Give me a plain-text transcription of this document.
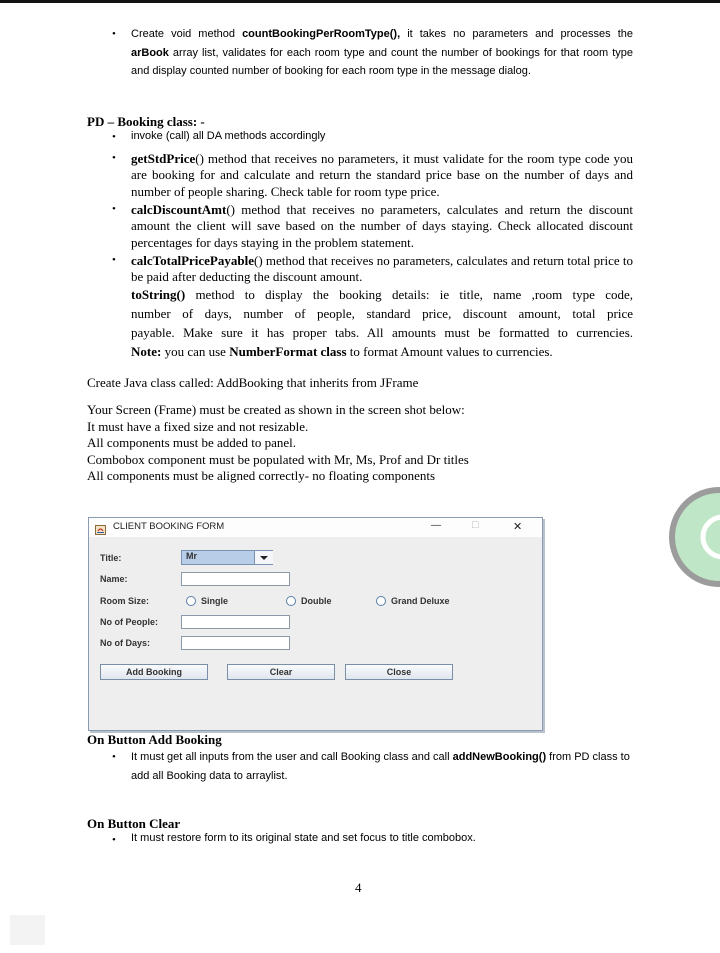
• Create void method countBookingPerRoomType(), it takes no parameters and processes the arBook array list, validates for each room type and count the number of bookings for that room type and display counted number of booking for each room type in the message dialog.
PD – Booking class: -
• invoke (call) all DA methods accordingly
• getStdPrice() method that receives no parameters, it must validate for the room type code you are booking for and calculate and return the standard price base on the number of days and number of people sharing. Check table for room type price.
• calcDiscountAmt() method that receives no parameters, calculates and return the discount amount the client will save based on the number of days staying. Check allocated discount percentages for days staying in the problem statement.
• calcTotalPricePayable() method that receives no parameters, calculates and return total price to be paid after deducting the discount amount.
toString() method to display the booking details: ie title, name ,room type code,
number of days, number of people, standard price, discount amount, total price
payable. Make sure it has proper tabs. All amounts must be formatted to currencies.
Note: you can use NumberFormat class to format Amount values to currencies.
Create Java class called: AddBooking that inherits from JFrame
Your Screen (Frame) must be created as shown in the screen shot below:
It must have a fixed size and not resizable.
All components must be added to panel.
Combobox component must be populated with Mr, Ms, Prof and Dr titles
All components must be aligned correctly- no floating components
CLIENT BOOKING FORM	—	□	✕
Title:	Mr
Name:
Room Size:	Single	Double	Grand Deluxe
No of People:
No of Days:
Add Booking	Clear	Close
On Button Add Booking
• It must get all inputs from the user and call Booking class and call addNewBooking() from PD class to add all Booking data to arraylist.
On Button Clear
• It must restore form to its original state and set focus to title combobox.
4
